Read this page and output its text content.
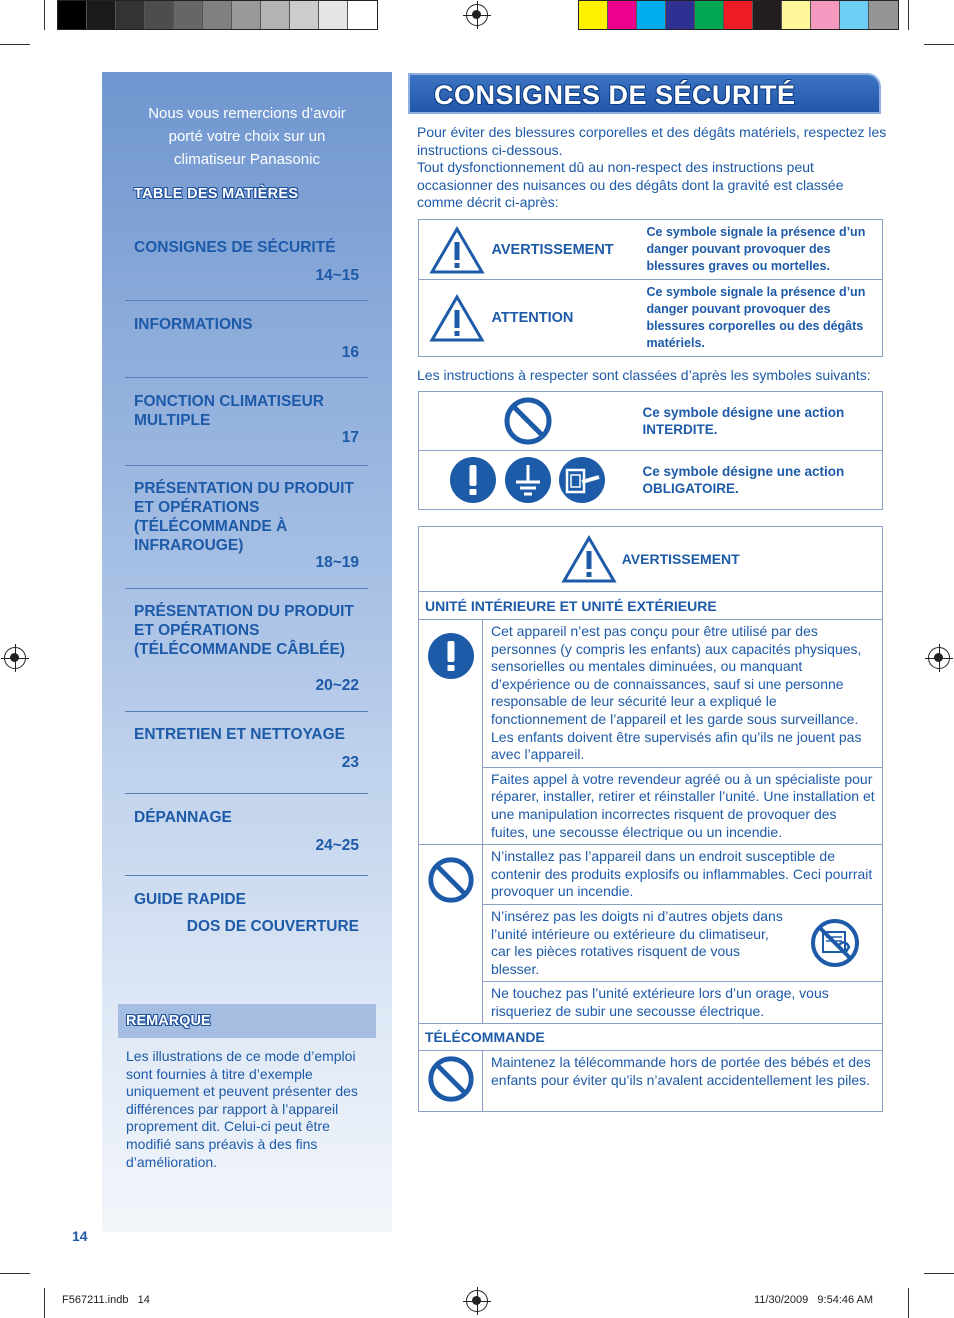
F567211.indb   14	11/30/2009   9:54:46 AM
Nous vous remercions d’avoir
porté votre choix sur un
climatiseur Panasonic
TABLE DES MATIÈRES
CONSIGNES DE SÉCURITÉ
14~15
INFORMATIONS
16
FONCTION CLIMATISEUR MULTIPLE
17
PRÉSENTATION DU PRODUIT ET OPÉRATIONS (TÉLÉCOMMANDE À INFRAROUGE)
18~19
PRÉSENTATION DU PRODUIT ET OPÉRATIONS (TÉLÉCOMMANDE CÂBLÉE)
20~22
ENTRETIEN ET NETTOYAGE
23
DÉPANNAGE
24~25
GUIDE RAPIDE
DOS DE COUVERTURE
REMARQUE
Les illustrations de ce mode d’emploi sont fournies à titre d’exemple uniquement et peuvent présenter des différences par rapport à l’appareil proprement dit. Celui-ci peut être modifié sans préavis à des fins d’amélioration.
14
CONSIGNES DE SÉCURITÉ
Pour éviter des blessures corporelles et des dégâts matériels, respectez les instructions ci-dessous.
Tout dysfonctionnement dû au non-respect des instructions peut occasionner des nuisances ou des dégâts dont la gravité est classée comme décrit ci-après:
AVERTISSEMENT	Ce symbole signale la présence d’un danger pouvant provoquer des blessures graves ou mortelles.
ATTENTION	Ce symbole signale la présence d’un danger pouvant provoquer des blessures corporelles ou des dégâts matériels.
Les instructions à respecter sont classées d’après les symboles suivants:
	Ce symbole désigne une action INTERDITE.
	Ce symbole désigne une action OBLIGATOIRE.
AVERTISSEMENT	
UNITÉ INTÉRIEURE ET UNITÉ EXTÉRIEURE	
	Cet appareil n’est pas conçu pour être utilisé par des personnes (y compris les enfants) aux capacités physiques, sensorielles ou mentales diminuées, ou manquant d’expérience ou de connaissances, sauf si une personne responsable de leur sécurité leur a expliqué le fonctionnement de l’appareil et les garde sous surveillance. Les enfants doivent être supervisés afin qu’ils ne jouent pas avec l’appareil.
	Faites appel à votre revendeur agréé ou à un spécialiste pour réparer, installer, retirer et réinstaller l’unité. Une installation et une manipulation incorrectes risquent de provoquer des fuites, une secousse électrique ou un incendie.
	N’installez pas l’appareil dans un endroit susceptible de contenir des produits explosifs ou inflammables. Ceci pourrait provoquer un incendie.

	N’insérez pas les doigts ni d’autres objets dans l’unité intérieure ou extérieure du climatiseur, car les pièces rotatives risquent de vous blesser.

	Ne touchez pas l’unité extérieure lors d’un orage, vous risqueriez de subir une secousse électrique.
TÉLÉCOMMANDE	
	Maintenez la télécommande hors de portée des bébés et des enfants pour éviter qu’ils n’avalent accidentellement les piles.
